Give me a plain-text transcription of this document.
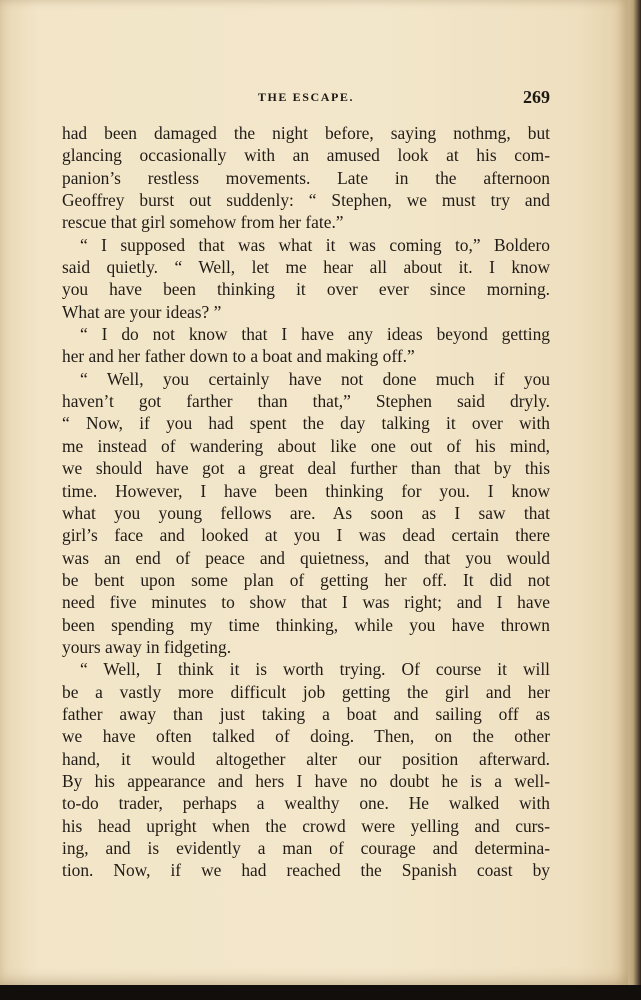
THE ESCAPE.	269
had been damaged the night before, saying nothmg, but
glancing occasionally with an amused look at his com-
panion’s restless movements. Late in the afternoon
Geoffrey burst out suddenly: “ Stephen, we must try and
rescue that girl somehow from her fate.”
“ I supposed that was what it was coming to,” Boldero
said quietly. “ Well, let me hear all about it. I know
you have been thinking it over ever since morning.
What are your ideas? ”
“ I do not know that I have any ideas beyond getting
her and her father down to a boat and making off.”
“ Well, you certainly have not done much if you
haven’t got farther than that,” Stephen said dryly.
“ Now, if you had spent the day talking it over with
me instead of wandering about like one out of his mind,
we should have got a great deal further than that by this
time. However, I have been thinking for you. I know
what you young fellows are. As soon as I saw that
girl’s face and looked at you I was dead certain there
was an end of peace and quietness, and that you would
be bent upon some plan of getting her off. It did not
need five minutes to show that I was right; and I have
been spending my time thinking, while you have thrown
yours away in fidgeting.
“ Well, I think it is worth trying. Of course it will
be a vastly more difficult job getting the girl and her
father away than just taking a boat and sailing off as
we have often talked of doing. Then, on the other
hand, it would altogether alter our position afterward.
By his appearance and hers I have no doubt he is a well-
to-do trader, perhaps a wealthy one. He walked with
his head upright when the crowd were yelling and curs-
ing, and is evidently a man of courage and determina-
tion. Now, if we had reached the Spanish coast by
